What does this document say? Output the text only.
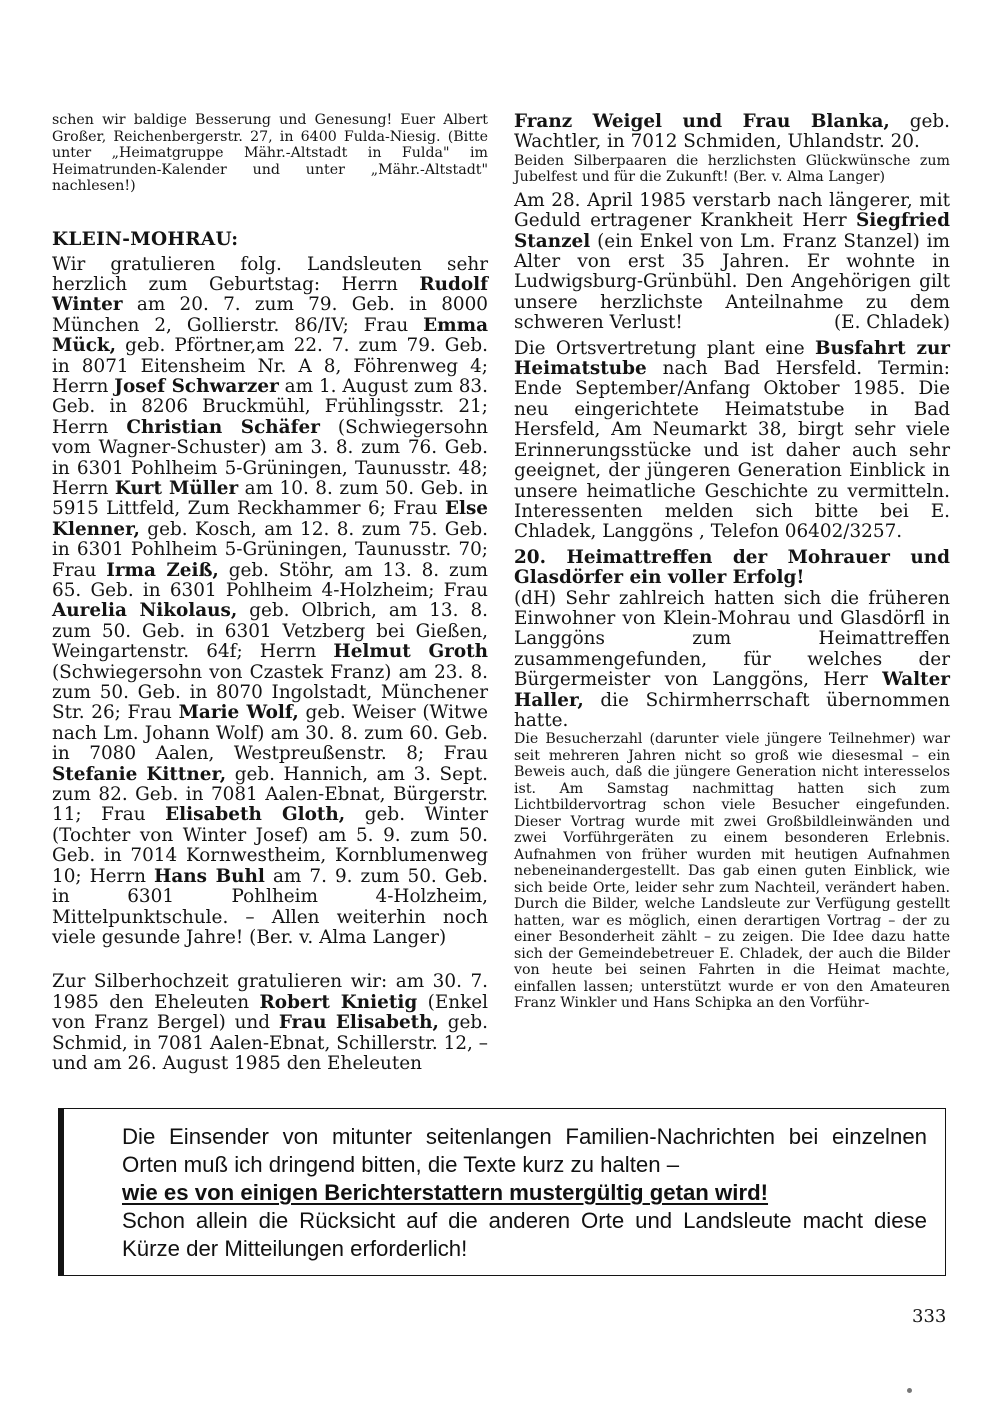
schen wir baldige Besserung und Genesung! Euer Albert Großer, Reichenbergerstr. 27, in 6400 Fulda-Niesig. (Bitte unter „Heimatgruppe Mähr.-Altstadt in Fulda" im Heimatrunden-Kalender und unter „Mähr.-Altstadt" nachlesen!)

KLEIN-MOHRAU:

Wir gratulieren folg. Landsleuten sehr herzlich zum Geburtstag: Herrn Rudolf Winter am 20. 7. zum 79. Geb. in 8000 München 2, Gollierstr. 86/IV; Frau Emma Mück, geb. Pförtner,am 22. 7. zum 79. Geb. in 8071 Eitensheim Nr. A 8, Föhrenweg 4; Herrn Josef Schwarzer am 1. August zum 83. Geb. in 8206 Bruckmühl, Frühlingsstr. 21; Herrn Christian Schäfer (Schwiegersohn vom Wagner-Schuster) am 3. 8. zum 76. Geb. in 6301 Pohlheim 5-Grüningen, Taunusstr. 48; Herrn Kurt Müller am 10. 8. zum 50. Geb. in 5915 Littfeld, Zum Reckhammer 6; Frau Else Klenner, geb. Kosch, am 12. 8. zum 75. Geb. in 6301 Pohlheim 5-Grüningen, Taunusstr. 70; Frau Irma Zeiß, geb. Stöhr, am 13. 8. zum 65. Geb. in 6301 Pohlheim 4-Holzheim; Frau Aurelia Nikolaus, geb. Olbrich, am 13. 8. zum 50. Geb. in 6301 Vetzberg bei Gießen, Weingartenstr. 64f; Herrn Helmut Groth (Schwiegersohn von Czastek Franz) am 23. 8. zum 50. Geb. in 8070 Ingolstadt, Münchener Str. 26; Frau Marie Wolf, geb. Weiser (Witwe nach Lm. Johann Wolf) am 30. 8. zum 60. Geb. in 7080 Aalen, Westpreußenstr. 8; Frau Stefanie Kittner, geb. Hannich, am 3. Sept. zum 82. Geb. in 7081 Aalen-Ebnat, Bürgerstr. 11; Frau Elisabeth Gloth, geb. Winter (Tochter von Winter Josef) am 5. 9. zum 50. Geb. in 7014 Kornwestheim, Kornblumenweg 10; Herrn Hans Buhl am 7. 9. zum 50. Geb. in 6301 Pohlheim 4-Holzheim, Mittelpunktschule. – Allen weiterhin noch viele gesunde Jahre! (Ber. v. Alma Langer)

Zur Silberhochzeit gratulieren wir: am 30. 7. 1985 den Eheleuten Robert Knietig (Enkel von Franz Bergel) und Frau Elisabeth, geb. Schmid, in 7081 Aalen-Ebnat, Schillerstr. 12, – und am 26. August 1985 den Eheleuten

Franz Weigel und Frau Blanka, geb. Wachtler, in 7012 Schmiden, Uhlandstr. 20.

Beiden Silberpaaren die herzlichsten Glückwünsche zum Jubelfest und für die Zukunft! (Ber. v. Alma Langer)

Am 28. April 1985 verstarb nach längerer, mit Geduld ertragener Krankheit Herr Siegfried Stanzel (ein Enkel von Lm. Franz Stanzel) im Alter von erst 35 Jahren. Er wohnte in Ludwigsburg-Grünbühl. Den Angehörigen gilt unsere herzlichste Anteilnahme zu dem schweren Verlust!	(E. Chladek)

Die Ortsvertretung plant eine Busfahrt zur Heimatstube nach Bad Hersfeld. Termin: Ende September/Anfang Oktober 1985. Die neu eingerichtete Heimatstube in Bad Hersfeld, Am Neumarkt 38, birgt sehr viele Erinnerungsstücke und ist daher auch sehr geeignet, der jüngeren Generation Einblick in unsere heimatliche Geschichte zu vermitteln. Interessenten melden sich bitte bei E. Chladek, Langgöns , Telefon 06402/3257.

20. Heimattreffen der Mohrauer und Glasdörfer ein voller Erfolg!

(dH) Sehr zahlreich hatten sich die früheren Einwohner von Klein-Mohrau und Glasdörfl in Langgöns zum Heimattreffen zusammengefunden, für welches der Bürgermeister von Langgöns, Herr Walter Haller, die Schirmherrschaft übernommen hatte.

Die Besucherzahl (darunter viele jüngere Teilnehmer) war seit mehreren Jahren nicht so groß wie diesesmal – ein Beweis auch, daß die jüngere Generation nicht interesselos ist. Am Samstag nachmittag hatten sich zum Lichtbildervortrag schon viele Besucher eingefunden. Dieser Vortrag wurde mit zwei Großbildleinwänden und zwei Vorführgeräten zu einem besonderen Erlebnis. Aufnahmen von früher wurden mit heutigen Aufnahmen nebeneinandergestellt. Das gab einen guten Einblick, wie sich beide Orte, leider sehr zum Nachteil, verändert haben. Durch die Bilder, welche Landsleute zur Verfügung gestellt hatten, war es möglich, einen derartigen Vortrag – der zu einer Besonderheit zählt – zu zeigen. Die Idee dazu hatte sich der Gemeindebetreuer E. Chladek, der auch die Bilder von heute bei seinen Fahrten in die Heimat machte, einfallen lassen; unterstützt wurde er von den Amateuren Franz Winkler und Hans Schipka an den Vorführ-

Die Einsender von mitunter seitenlangen Familien-Nachrichten bei einzelnen Orten muß ich dringend bitten, die Texte kurz zu halten –

wie es von einigen Berichterstattern mustergültig getan wird!

Schon allein die Rücksicht auf die anderen Orte und Landsleute macht diese Kürze der Mitteilungen erforderlich!

333
